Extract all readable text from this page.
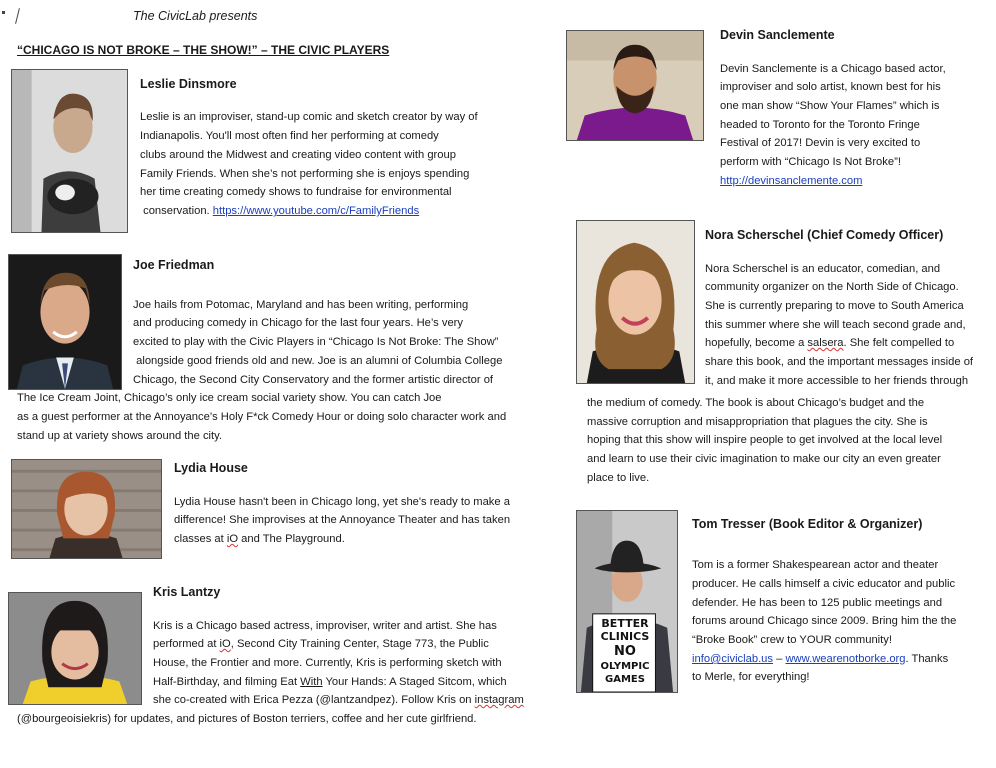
The CivicLab presents
“CHICAGO IS NOT BROKE – THE SHOW!” – THE CIVIC PLAYERS
Leslie Dinsmore
Leslie is an improviser, stand-up comic and sketch creator by way of
Indianapolis. You'll most often find her performing at comedy
clubs around the Midwest and creating video content with group
Family Friends. When she’s not performing she is enjoys spending
her time creating comedy shows to fundraise for environmental
conservation. https://www.youtube.com/c/FamilyFriends
Joe Friedman
Joe hails from Potomac, Maryland and has been writing, performing
and producing comedy in Chicago for the last four years. He’s very
excited to play with the Civic Players in “Chicago Is Not Broke: The Show”
alongside good friends old and new. Joe is an alumni of Columbia College
Chicago, the Second City Conservatory and the former artistic director of
The Ice Cream Joint, Chicago’s only ice cream social variety show. You can catch Joe
as a guest performer at the Annoyance’s Holy F*ck Comedy Hour or doing solo character work and
stand up at variety shows around the city.
Lydia House
Lydia House hasn't been in Chicago long, yet she's ready to make a
difference! She improvises at the Annoyance Theater and has taken
classes at iO and The Playground.
Kris Lantzy
Kris is a Chicago based actress, improviser, writer and artist. She has
performed at iO, Second City Training Center, Stage 773, the Public
House, the Frontier and more. Currently, Kris is performing sketch with
Half-Birthday, and filming Eat With Your Hands: A Staged Sitcom, which
she co-created with Erica Pezza (@lantzandpez). Follow Kris on instagram
(@bourgeoisiekris) for updates, and pictures of Boston terriers, coffee and her cute girlfriend.
Devin Sanclemente
Devin Sanclemente is a Chicago based actor,
improviser and solo artist, known best for his
one man show “Show Your Flames” which is
headed to Toronto for the Toronto Fringe
Festival of 2017! Devin is very excited to
perform with “Chicago Is Not Broke”!
http://devinsanclemente.com
Nora Scherschel (Chief Comedy Officer)
Nora Scherschel is an educator, comedian, and
community organizer on the North Side of Chicago.
She is currently preparing to move to South America
this summer where she will teach second grade and,
hopefully, become a salsera. She felt compelled to
share this book, and the important messages inside of
it, and make it more accessible to her friends through
the medium of comedy. The book is about Chicago’s budget and the
massive corruption and misappropriation that plagues the city. She is
hoping that this show will inspire people to get involved at the local level
and learn to use their civic imagination to make our city an even greater
place to live.
BETTER
CLINICS
NO
OLYMPIC
GAMES
Tom Tresser (Book Editor & Organizer)
Tom is a former Shakespearean actor and theater
producer. He calls himself a civic educator and public
defender. He has been to 125 public meetings and
forums around Chicago since 2009. Bring him the the
“Broke Book” crew to YOUR community!
info@civiclab.us – www.wearenotborke.org. Thanks
to Merle, for everything!
